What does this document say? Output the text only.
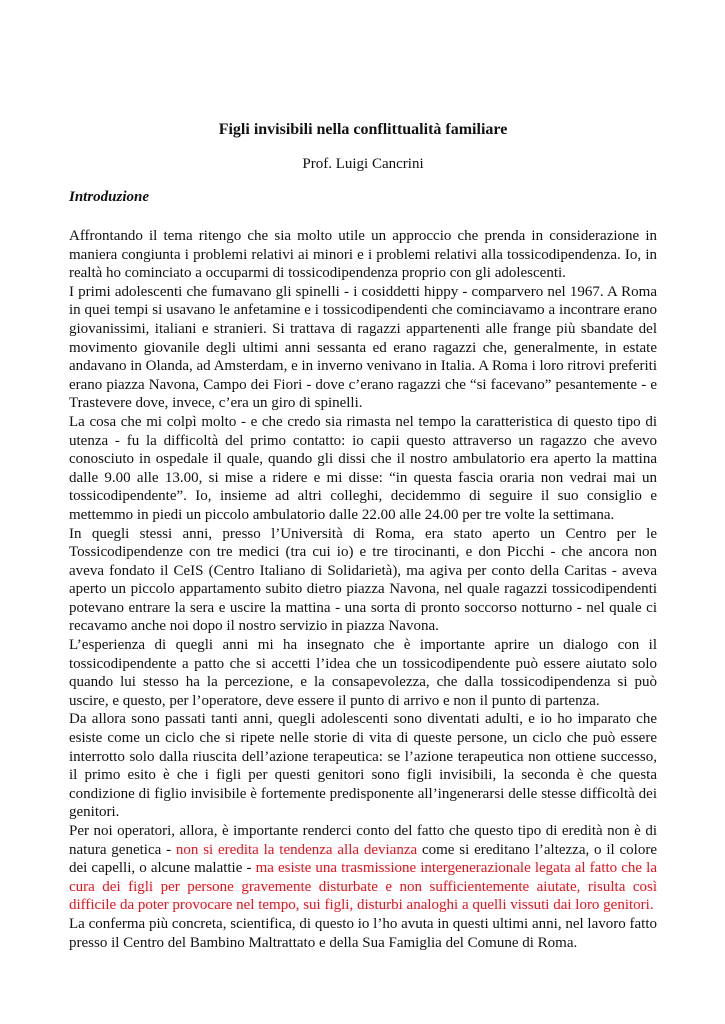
Figli invisibili nella conflittualità familiare

Prof. Luigi Cancrini

Introduzione

Affrontando il tema ritengo che sia molto utile un approccio che prenda in considerazione in maniera congiunta i problemi relativi ai minori e i problemi relativi alla tossicodipendenza. Io, in realtà ho cominciato a occuparmi di tossicodipendenza proprio con gli adolescenti.

I primi adolescenti che fumavano gli spinelli - i cosiddetti hippy - comparvero nel 1967. A Roma in quei tempi si usavano le anfetamine e i tossicodipendenti che cominciavamo a incontrare erano giovanissimi, italiani e stranieri. Si trattava di ragazzi appartenenti alle frange più sbandate del movimento giovanile degli ultimi anni sessanta ed erano ragazzi che, generalmente, in estate andavano in Olanda, ad Amsterdam, e in inverno venivano in Italia. A Roma i loro ritrovi preferiti erano piazza Navona, Campo dei Fiori - dove c’erano ragazzi che “si facevano” pesantemente - e Trastevere dove, invece, c’era un giro di spinelli.

La cosa che mi colpì molto - e che credo sia rimasta nel tempo la caratteristica di questo tipo di utenza - fu la difficoltà del primo contatto: io capii questo attraverso un ragazzo che avevo conosciuto in ospedale il quale, quando gli dissi che il nostro ambulatorio era aperto la mattina dalle 9.00 alle 13.00, si mise a ridere e mi disse: “in questa fascia oraria non vedrai mai un tossicodipendente”. Io, insieme ad altri colleghi, decidemmo di seguire il suo consiglio e mettemmo in piedi un piccolo ambulatorio dalle 22.00 alle 24.00 per tre volte la settimana.

In quegli stessi anni, presso l’Università di Roma, era stato aperto un Centro per le Tossicodipendenze con tre medici (tra cui io) e tre tirocinanti, e don Picchi - che ancora non aveva fondato il CeIS (Centro Italiano di Solidarietà), ma agiva per conto della Caritas - aveva aperto un piccolo appartamento subito dietro piazza Navona, nel quale ragazzi tossicodipendenti potevano entrare la sera e uscire la mattina - una sorta di pronto soccorso notturno - nel quale ci recavamo anche noi dopo il nostro servizio in piazza Navona.

L’esperienza di quegli anni mi ha insegnato che è importante aprire un dialogo con il tossicodipendente a patto che si accetti l’idea che un tossicodipendente può essere aiutato solo quando lui stesso ha la percezione, e la consapevolezza, che dalla tossicodipendenza si può uscire, e questo, per l’operatore, deve essere il punto di arrivo e non il punto di partenza.

Da allora sono passati tanti anni, quegli adolescenti sono diventati adulti, e io ho imparato che esiste come un ciclo che si ripete nelle storie di vita di queste persone, un ciclo che può essere interrotto solo dalla riuscita dell’azione terapeutica: se l’azione terapeutica non ottiene successo, il primo esito è che i figli per questi genitori sono figli invisibili, la seconda è che questa condizione di figlio invisibile è fortemente predisponente all’ingenerarsi delle stesse difficoltà dei genitori.

Per noi operatori, allora, è importante renderci conto del fatto che questo tipo di eredità non è di natura genetica - non si eredita la tendenza alla devianza come si ereditano l’altezza, o il colore dei capelli, o alcune malattie - ma esiste una trasmissione intergenerazionale legata al fatto che la cura dei figli per persone gravemente disturbate e non sufficientemente aiutate, risulta così difficile da poter provocare nel tempo, sui figli, disturbi analoghi a quelli vissuti dai loro genitori.

La conferma più concreta, scientifica, di questo io l’ho avuta in questi ultimi anni, nel lavoro fatto presso il Centro del Bambino Maltrattato e della Sua Famiglia del Comune di Roma.
